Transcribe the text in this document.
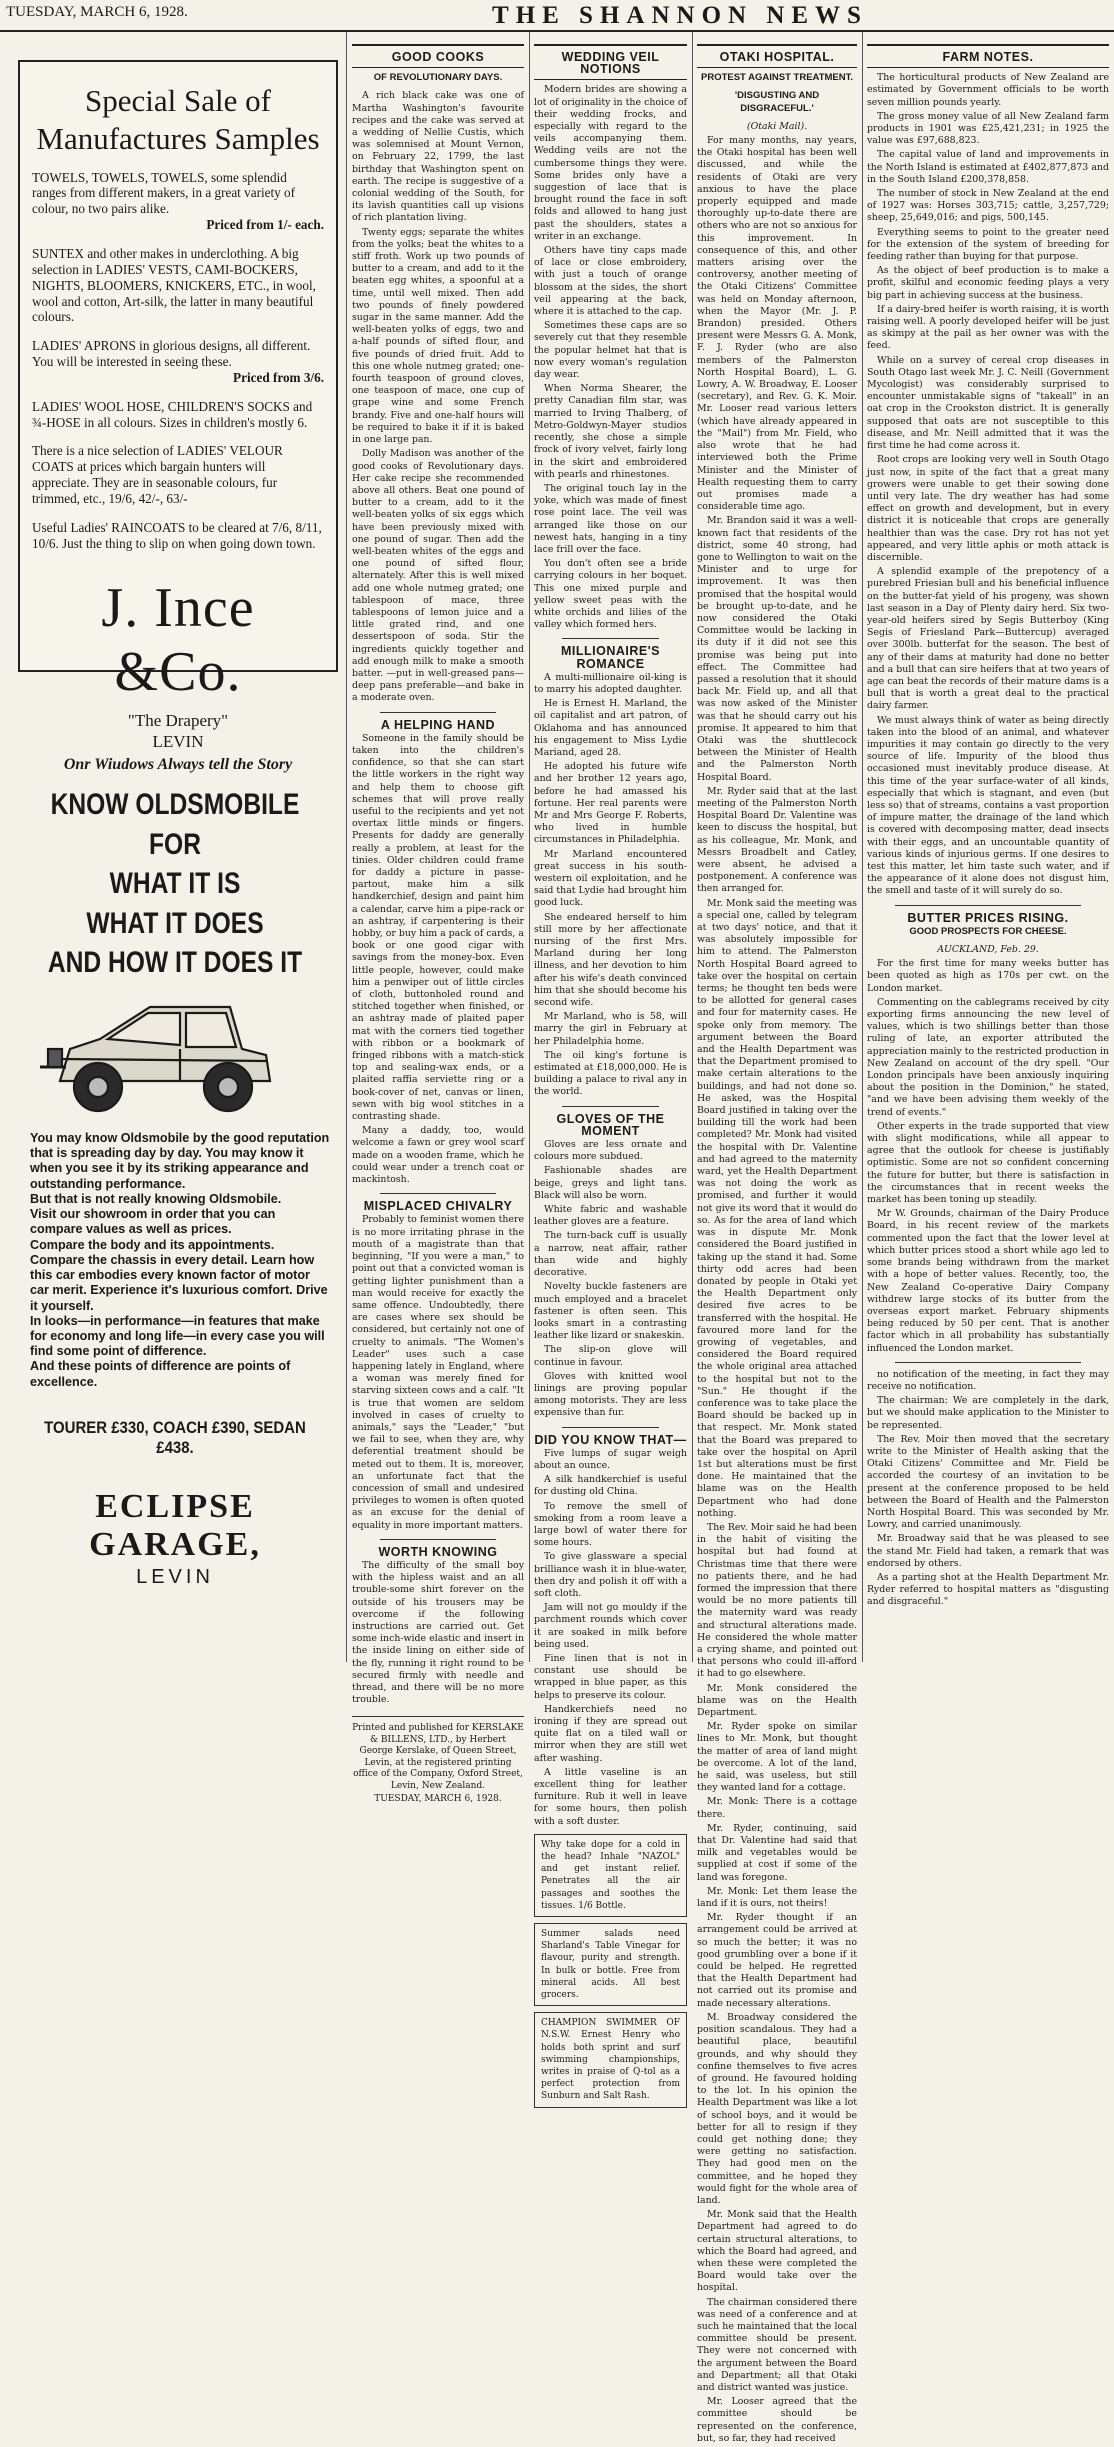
TUESDAY, MARCH 6, 1928.	THE SHANNON NEWS
Special Sale of Manufactures Samples

TOWELS, TOWELS, TOWELS, some splendid ranges from different makers, in a great variety of colour, no two pairs alike.
Priced from 1/- each.

SUNTEX and other makes in underclothing. A big selection in LADIES' VESTS, CAMI-BOCKERS, NIGHTS, BLOOMERS, KNICKERS, ETC., in wool, wool and cotton, Art-silk, the latter in many beautiful colours.

LADIES' APRONS in glorious designs, all different. You will be interested in seeing these.
Priced from 3/6.

LADIES' WOOL HOSE, CHILDREN'S SOCKS and ¾-HOSE in all colours. Sizes in children's mostly 6.

There is a nice selection of LADIES' VELOUR COATS at prices which bargain hunters will appreciate. They are in seasonable colours, fur trimmed, etc., 19/6, 42/-, 63/-

Useful Ladies' RAINCOATS to be cleared at 7/6, 8/11, 10/6. Just the thing to slip on when going down town.

J. Ince &Co.
"The Drapery"
LEVIN
Onr Wiudows Always tell the Story
KNOW OLDSMOBILE
FOR
WHAT IT IS
WHAT IT DOES
AND HOW IT DOES IT

You may know Oldsmobile by the good reputation that is spreading day by day. You may know it when you see it by its striking appearance and outstanding performance.

But that is not really knowing Oldsmobile.

Visit our showroom in order that you can compare values as well as prices.

Compare the body and its appointments.

Compare the chassis in every detail. Learn how this car embodies every known factor of motor car merit. Experience it's luxurious comfort. Drive it yourself.

In looks—in performance—in features that make for economy and long life—in every case you will find some point of difference.

And these points of difference are points of excellence.

TOURER £330, COACH £390, SEDAN £438.
ECLIPSE GARAGE,
LEVIN
GOOD COOKS
OF REVOLUTIONARY DAYS.

A rich black cake was one of Martha Washington's favourite recipes and the cake was served at a wedding of Nellie Custis, which was solemnised at Mount Vernon, on February 22, 1799, the last birthday that Washington spent on earth. The recipe is suggestive of a colonial wedding of the South, for its lavish quantities call up visions of rich plantation living.

Twenty eggs; separate the whites from the yolks; beat the whites to a stiff froth. Work up two pounds of butter to a cream, and add to it the beaten egg whites, a spoonful at a time, until well mixed. Then add two pounds of finely powdered sugar in the same manner. Add the well-beaten yolks of eggs, two and a-half pounds of sifted flour, and five pounds of dried fruit. Add to this one whole nutmeg grated; one-fourth teaspoon of ground cloves, one teaspoon of mace, one cup of grape wine and some French brandy. Five and one-half hours will be required to bake it if it is baked in one large pan.

Dolly Madison was another of the good cooks of Revolutionary days. Her cake recipe she recommended above all others. Beat one pound of butter to a cream, add to it the well-beaten yolks of six eggs which have been previously mixed with one pound of sugar. Then add the well-beaten whites of the eggs and one pound of sifted flour, alternately. After this is well mixed add one whole nutmeg grated; one tablespoon of mace, three tablespoons of lemon juice and a little grated rind, and one dessertspoon of soda. Stir the ingredients quickly together and add enough milk to make a smooth batter. —put in well-greased pans—deep pans preferable—and bake in a moderate oven.

A HELPING HAND

Someone in the family should be taken into the children's confidence, so that she can start the little workers in the right way and help them to choose gift schemes that will prove really useful to the recipients and yet not overtax little minds or fingers. Presents for daddy are generally really a problem, at least for the tinies. Older children could frame for daddy a picture in passe-partout, make him a silk handkerchief, design and paint him a calendar, carve him a pipe-rack or an ashtray, if carpentering is their hobby, or buy him a pack of cards, a book or one good cigar with savings from the money-box. Even little people, however, could make him a penwiper out of little circles of cloth, buttonholed round and stitched together when finished, or an ashtray made of plaited paper mat with the corners tied together with ribbon or a bookmark of fringed ribbons with a match-stick top and sealing-wax ends, or a plaited raffia serviette ring or a book-cover of net, canvas or linen, sewn with big wool stitches in a contrasting shade.

Many a daddy, too, would welcome a fawn or grey wool scarf made on a wooden frame, which he could wear under a trench coat or mackintosh.

MISPLACED CHIVALRY

Probably to feminist women there is no more irritating phrase in the mouth of a magistrate than that beginning, "If you were a man," to point out that a convicted woman is getting lighter punishment than a man would receive for exactly the same offence. Undoubtedly, there are cases where sex should be considered, but certainly not one of cruelty to animals. "The Women's Leader" uses such a case happening lately in England, where a woman was merely fined for starving sixteen cows and a calf. "It is true that women are seldom involved in cases of cruelty to animals," says the "Leader," "but we fail to see, when they are, why deferential treatment should be meted out to them. It is, moreover, an unfortunate fact that the concession of small and undesired privileges to women is often quoted as an excuse for the denial of equality in more important matters.

WORTH KNOWING

The difficulty of the small boy with the hipless waist and an all trouble-some shirt forever on the outside of his trousers may be overcome if the following instructions are carried out. Get some inch-wide elastic and insert in the inside lining on either side of the fly, running it right round to be secured firmly with needle and thread, and there will be no more trouble.

Printed and published for KERSLAKE & BILLENS, LTD., by Herbert George Kerslake, of Queen Street, Levin, at the registered printing office of the Company, Oxford Street, Levin, New Zealand.
TUESDAY, MARCH 6, 1928.
WEDDING VEIL NOTIONS

Modern brides are showing a lot of originality in the choice of their wedding frocks, and especially with regard to the veils accompanying them. Wedding veils are not the cumbersome things they were. Some brides only have a suggestion of lace that is brought round the face in soft folds and allowed to hang just past the shoulders, states a writer in an exchange.

Others have tiny caps made of lace or close embroidery, with just a touch of orange blossom at the sides, the short veil appearing at the back, where it is attached to the cap.

Sometimes these caps are so severely cut that they resemble the popular helmet hat that is now every woman's regulation day wear.

When Norma Shearer, the pretty Canadian film star, was married to Irving Thalberg, of Metro-Goldwyn-Mayer studios recently, she chose a simple frock of ivory velvet, fairly long in the skirt and embroidered with pearls and rhinestones.

The original touch lay in the yoke, which was made of finest rose point lace. The veil was arranged like those on our newest hats, hanging in a tiny lace frill over the face.

You don't often see a bride carrying colours in her boquet. This one mixed purple and yellow sweet peas with the white orchids and lilies of the valley which formed hers.

MILLIONAIRE'S ROMANCE

A multi-millionaire oil-king is to marry his adopted daughter.

He is Ernest H. Marland, the oil capitalist and art patron, of Oklahoma and has announced his engagement to Miss Lydie Mariand, aged 28.

He adopted his future wife and her brother 12 years ago, before he had amassed his fortune. Her real parents were Mr and Mrs George F. Roberts, who lived in humble circumstances in Philadelphia.

Mr Marland encountered great success in his south-western oil exploitation, and he said that Lydie had brought him good luck.

She endeared herself to him still more by her affectionate nursing of the first Mrs. Marland during her long illness, and her devotion to him after his wife's death convinced him that she should become his second wife.

Mr Marland, who is 58, will marry the girl in February at her Philadelphia home.

The oil king's fortune is estimated at £18,000,000. He is building a palace to rival any in the world.

GLOVES OF THE MOMENT

Gloves are less ornate and colours more subdued.

Fashionable shades are beige, greys and light tans. Black will also be worn.

White fabric and washable leather gloves are a feature.

The turn-back cuff is usually a narrow, neat affair, rather than wide and highly decorative.

Novelty buckle fasteners are much employed and a bracelet fastener is often seen. This looks smart in a contrasting leather like lizard or snakeskin.

The slip-on glove will continue in favour.

Gloves with knitted wool linings are proving popular among motorists. They are less expensive than fur.

DID YOU KNOW THAT—

Five lumps of sugar weigh about an ounce.

A silk handkerchief is useful for dusting old China.

To remove the smell of smoking from a room leave a large bowl of water there for some hours.

To give glassware a special brilliance wash it in blue-water, then dry and polish it off with a soft cloth.

Jam will not go mouldy if the parchment rounds which cover it are soaked in milk before being used.

Fine linen that is not in constant use should be wrapped in blue paper, as this helps to preserve its colour.

Handkerchiefs need no ironing if they are spread out quite flat on a tiled wall or mirror when they are still wet after washing.

A little vaseline is an excellent thing for leather furniture. Rub it well in leave for some hours, then polish with a soft duster.

Why take dope for a cold in the head? Inhale "NAZOL" and get instant relief. Penetrates all the air passages and soothes the tissues. 1/6 Bottle.
Summer salads need Sharland's Table Vinegar for flavour, purity and strength. In bulk or bottle. Free from mineral acids. All best grocers.
CHAMPION SWIMMER OF N.S.W. Ernest Henry who holds both sprint and surf swimming championships, writes in praise of Q-tol as a perfect protection from Sunburn and Salt Rash.
OTAKI HOSPITAL.
PROTEST AGAINST TREATMENT.
'DISGUSTING AND DISGRACEFUL.'
(Otaki Mail).

For many months, nay years, the Otaki hospital has been well discussed, and while the residents of Otaki are very anxious to have the place properly equipped and made thoroughly up-to-date there are others who are not so anxious for this improvement. In consequence of this, and other matters arising over the controversy, another meeting of the Otaki Citizens' Committee was held on Monday afternoon, when the Mayor (Mr. J. P. Brandon) presided. Others present were Messrs G. A. Monk, F. J. Ryder (who are also members of the Palmerston North Hospital Board), L. G. Lowry, A. W. Broadway, E. Looser (secretary), and Rev. G. K. Moir. Mr. Looser read various letters (which have already appeared in the "Mail") from Mr. Field, who also wrote that he had interviewed both the Prime Minister and the Minister of Health requesting them to carry out promises made a considerable time ago.

Mr. Brandon said it was a well-known fact that residents of the district, some 40 strong, had gone to Wellington to wait on the Minister and to urge for improvement. It was then promised that the hospital would be brought up-to-date, and he now considered the Otaki Committee would be lacking in its duty if it did not see this promise was being put into effect. The Committee had passed a resolution that it should back Mr. Field up, and all that was now asked of the Minister was that he should carry out his promise. It appeared to him that Otaki was the shuttlecock between the Minister of Health and the Palmerston North Hospital Board.

Mr. Ryder said that at the last meeting of the Palmerston North Hospital Board Dr. Valentine was keen to discuss the hospital, but as his colleague, Mr. Monk, and Messrs Broadbelt and Catley, were absent, he advised a postponement. A conference was then arranged for.

Mr. Monk said the meeting was a special one, called by telegram at two days' notice, and that it was absolutely impossible for him to attend. The Palmerston North Hospital Board agreed to take over the hospital on certain terms; he thought ten beds were to be allotted for general cases and four for maternity cases. He spoke only from memory. The argument between the Board and the Health Department was that the Department promised to make certain alterations to the buildings, and had not done so. He asked, was the Hospital Board justified in taking over the building till the work had been completed? Mr. Monk had visited the hospital with Dr. Valentine and had agreed to the maternity ward, yet the Health Department was not doing the work as promised, and further it would not give its word that it would do so. As for the area of land which was in dispute Mr. Monk considered the Board justified in taking up the stand it had. Some thirty odd acres had been donated by people in Otaki yet the Health Department only desired five acres to be transferred with the hospital. He favoured more land for the growing of vegetables, and considered the Board required the whole original area attached to the hospital but not to the "Sun." He thought if the conference was to take place the Board should be backed up in that respect. Mr. Monk stated that the Board was prepared to take over the hospital on April 1st but alterations must be first done. He maintained that the blame was on the Health Department who had done nothing.

The Rev. Moir said he had been in the habit of visiting the hospital but had found at Christmas time that there were no patients there, and he had formed the impression that there would be no more patients till the maternity ward was ready and structural alterations made. He considered the whole matter a crying shame, and pointed out that persons who could ill-afford it had to go elsewhere.

Mr. Monk considered the blame was on the Health Department.

Mr. Ryder spoke on similar lines to Mr. Monk, but thought the matter of area of land might be overcome. A lot of the land, he said, was useless, but still they wanted land for a cottage.

Mr. Monk: There is a cottage there.

Mr. Ryder, continuing, said that Dr. Valentine had said that milk and vegetables would be supplied at cost if some of the land was foregone.

Mr. Monk: Let them lease the land if it is ours, not theirs!

Mr. Ryder thought if an arrangement could be arrived at so much the better; it was no good grumbling over a bone if it could be helped. He regretted that the Health Department had not carried out its promise and made necessary alterations.

M. Broadway considered the position scandalous. They had a beautiful place, beautiful grounds, and why should they confine themselves to five acres of ground. He favoured holding to the lot. In his opinion the Health Department was like a lot of school boys, and it would be better for all to resign if they could get nothing done; they were getting no satisfaction. They had good men on the committee, and he hoped they would fight for the whole area of land.

Mr. Monk said that the Health Department had agreed to do certain structural alterations, to which the Board had agreed, and when these were completed the Board would take over the hospital.

The chairman considered there was need of a conference and at such he maintained that the local committee should be present. They were not concerned with the argument between the Board and Department; all that Otaki and district wanted was justice.

Mr. Looser agreed that the committee should be represented on the conference, but, so far, they had received

FARM NOTES.

The horticultural products of New Zealand are estimated by Government officials to be worth seven million pounds yearly.

The gross money value of all New Zealand farm products in 1901 was £25,421,231; in 1925 the value was £97,688,823.

The capital value of land and improvements in the North Island is estimated at £402,877,873 and in the South Island £200,378,858.

The number of stock in New Zealand at the end of 1927 was: Horses 303,715; cattle, 3,257,729; sheep, 25,649,016; and pigs, 500,145.

Everything seems to point to the greater need for the extension of the system of breeding for feeding rather than buying for that purpose.

As the object of beef production is to make a profit, skilful and economic feeding plays a very big part in achieving success at the business.

If a dairy-bred heifer is worth raising, it is worth raising well. A poorly developed heifer will be just as skimpy at the pail as her owner was with the feed.

While on a survey of cereal crop diseases in South Otago last week Mr. J. C. Neill (Government Mycologist) was considerably surprised to encounter unmistakable signs of "takeall" in an oat crop in the Crookston district. It is generally supposed that oats are not susceptible to this disease, and Mr. Neill admitted that it was the first time he had come across it.

Root crops are looking very well in South Otago just now, in spite of the fact that a great many growers were unable to get their sowing done until very late. The dry weather has had some effect on growth and development, but in every district it is noticeable that crops are generally healthier than was the case. Dry rot has not yet appeared, and very little aphis or moth attack is discernible.

A splendid example of the prepotency of a purebred Friesian bull and his beneficial influence on the butter-fat yield of his progeny, was shown last season in a Day of Plenty dairy herd. Six two-year-old heifers sired by Segis Butterboy (King Segis of Friesland Park—Buttercup) averaged over 300lb. butterfat for the season. The best of any of their dams at maturity had done no better and a bull that can sire heifers that at two years of age can beat the records of their mature dams is a bull that is worth a great deal to the practical dairy farmer.

We must always think of water as being directly taken into the blood of an animal, and whatever impurities it may contain go directly to the very source of life. Impurity of the blood thus occasioned must inevitably produce disease. At this time of the year surface-water of all kinds, especially that which is stagnant, and even (but less so) that of streams, contains a vast proportion of impure matter, the drainage of the land which is covered with decomposing matter, dead insects with their eggs, and an uncountable quantity of various kinds of injurious germs. If one desires to test this matter, let him taste such water, and if the appearance of it alone does not disgust him, the smell and taste of it will surely do so.

BUTTER PRICES RISING.
GOOD PROSPECTS FOR CHEESE.
AUCKLAND, Feb. 29.

For the first time for many weeks butter has been quoted as high as 170s per cwt. on the London market.

Commenting on the cablegrams received by city exporting firms announcing the new level of values, which is two shillings better than those ruling of late, an exporter attributed the appreciation mainly to the restricted production in New Zealand on account of the dry spell. "Our London principals have been anxiously inquiring about the position in the Dominion," he stated, "and we have been advising them weekly of the trend of events."

Other experts in the trade supported that view with slight modifications, while all appear to agree that the outlook for cheese is justifiably optimistic. Some are not so confident concerning the future for butter, but there is satisfaction in the circumstances that in recent weeks the market has been toning up steadily.

Mr W. Grounds, chairman of the Dairy Produce Board, in his recent review of the markets commented upon the fact that the lower level at which butter prices stood a short while ago led to some brands being withdrawn from the market with a hope of better values. Recently, too, the New Zealand Co-operative Dairy Company withdrew large stocks of its butter from the overseas export market. February shipments being reduced by 50 per cent. That is another factor which in all probability has substantially influenced the London market.

no notification of the meeting, in fact they may receive no notification.

The chairman: We are completely in the dark, but we should make application to the Minister to be represented.

The Rev. Moir then moved that the secretary write to the Minister of Health asking that the Otaki Citizens' Committee and Mr. Field be accorded the courtesy of an invitation to be present at the conference proposed to be held between the Board of Health and the Palmerston North Hospital Board. This was seconded by Mr. Lowry, and carried unanimously.

Mr. Broadway said that he was pleased to see the stand Mr. Field had taken, a remark that was endorsed by others.

As a parting shot at the Health Department Mr. Ryder referred to hospital matters as "disgusting and disgraceful."
